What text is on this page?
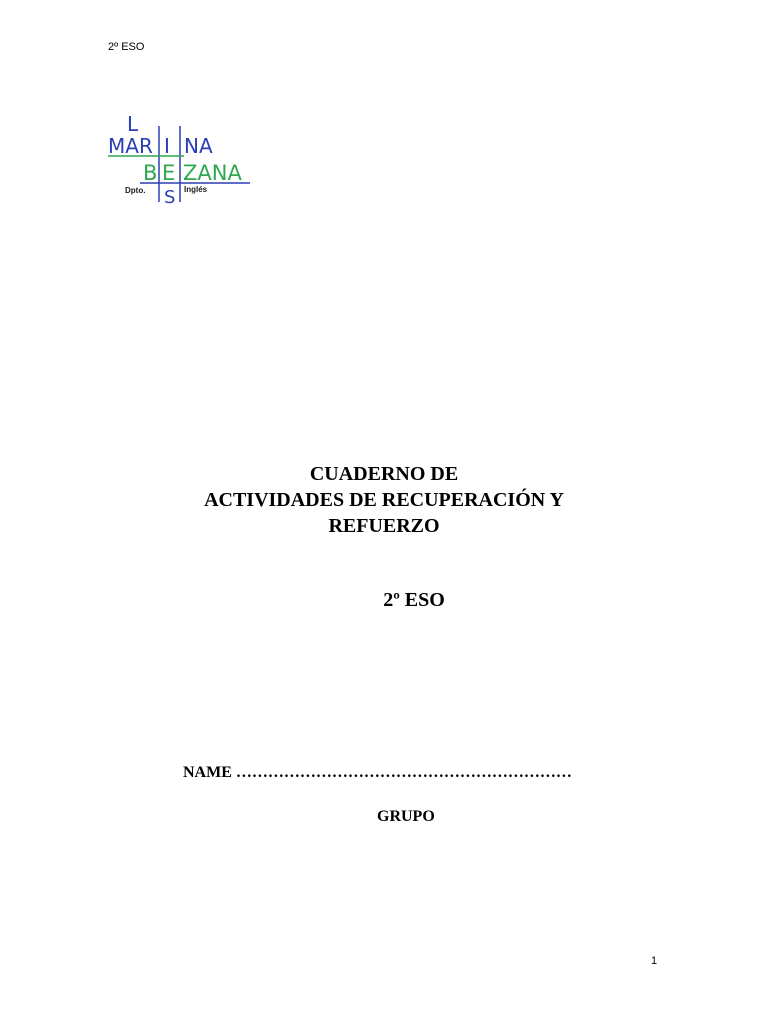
2º ESO
L
MAR I NA
B E ZANA
Dpto. S Inglés
CUADERNO DE
ACTIVIDADES DE RECUPERACIÓN Y
REFUERZO
2º ESO
NAME ………………………………………………………
GRUPO
1
